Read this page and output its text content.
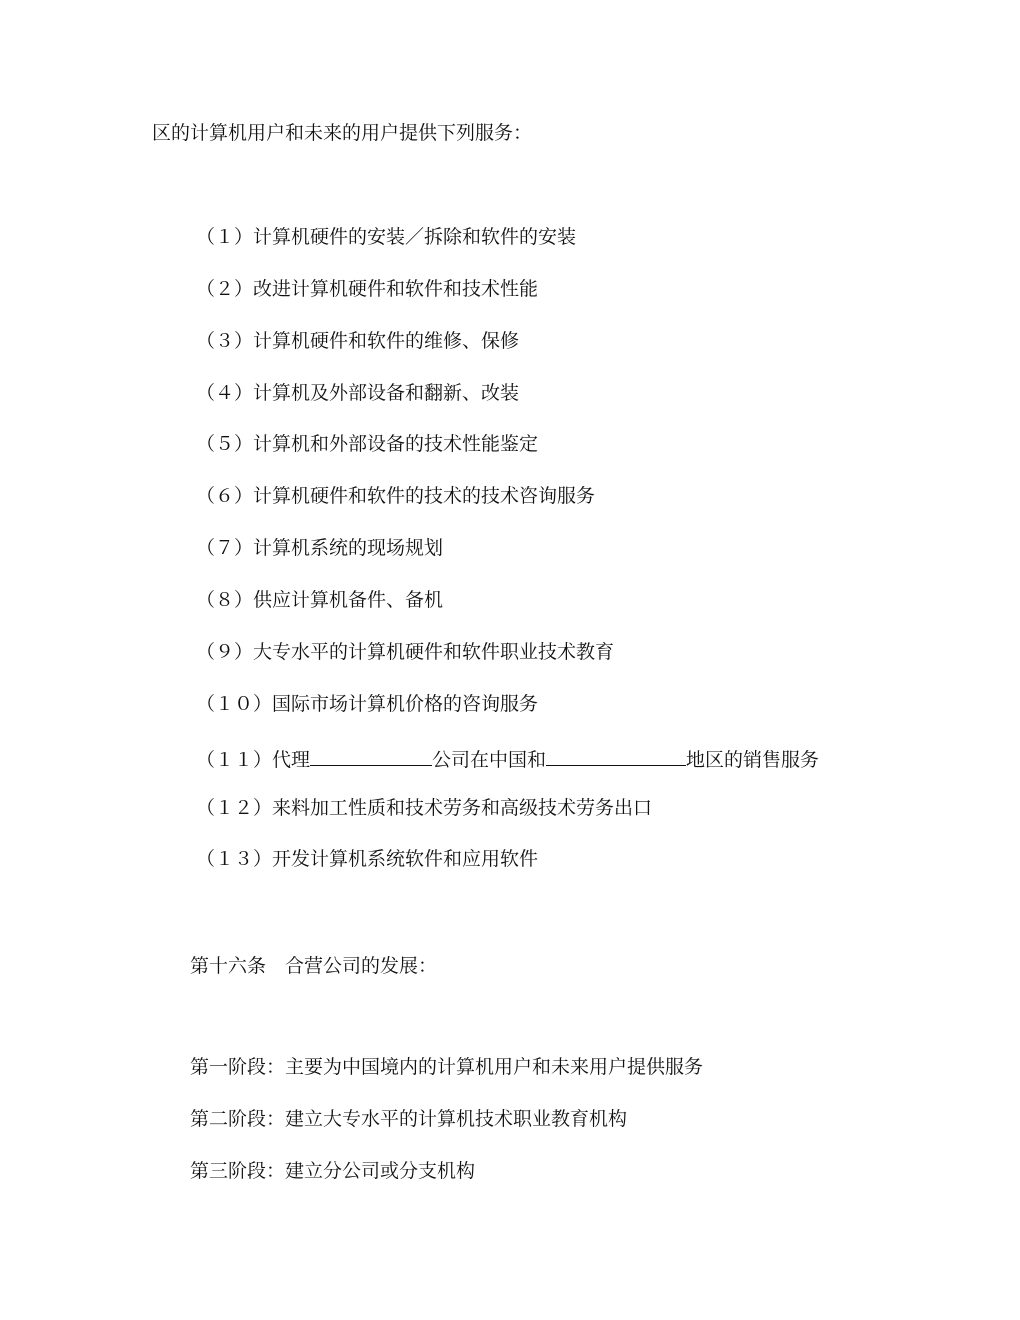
区的计算机用户和未来的用户提供下列服务：
（１）计算机硬件的安装／拆除和软件的安装
（２）改进计算机硬件和软件和技术性能
（３）计算机硬件和软件的维修、保修
（４）计算机及外部设备和翻新、改装
（５）计算机和外部设备的技术性能鉴定
（６）计算机硬件和软件的技术的技术咨询服务
（７）计算机系统的现场规划
（８）供应计算机备件、备机
（９）大专水平的计算机硬件和软件职业技术教育
（１０）国际市场计算机价格的咨询服务
（１１）代理	公司在中国和	地区的销售服务
（１２）来料加工性质和技术劳务和高级技术劳务出口
（１３）开发计算机系统软件和应用软件
第十六条　合营公司的发展：
第一阶段：主要为中国境内的计算机用户和未来用户提供服务
第二阶段：建立大专水平的计算机技术职业教育机构
第三阶段：建立分公司或分支机构
